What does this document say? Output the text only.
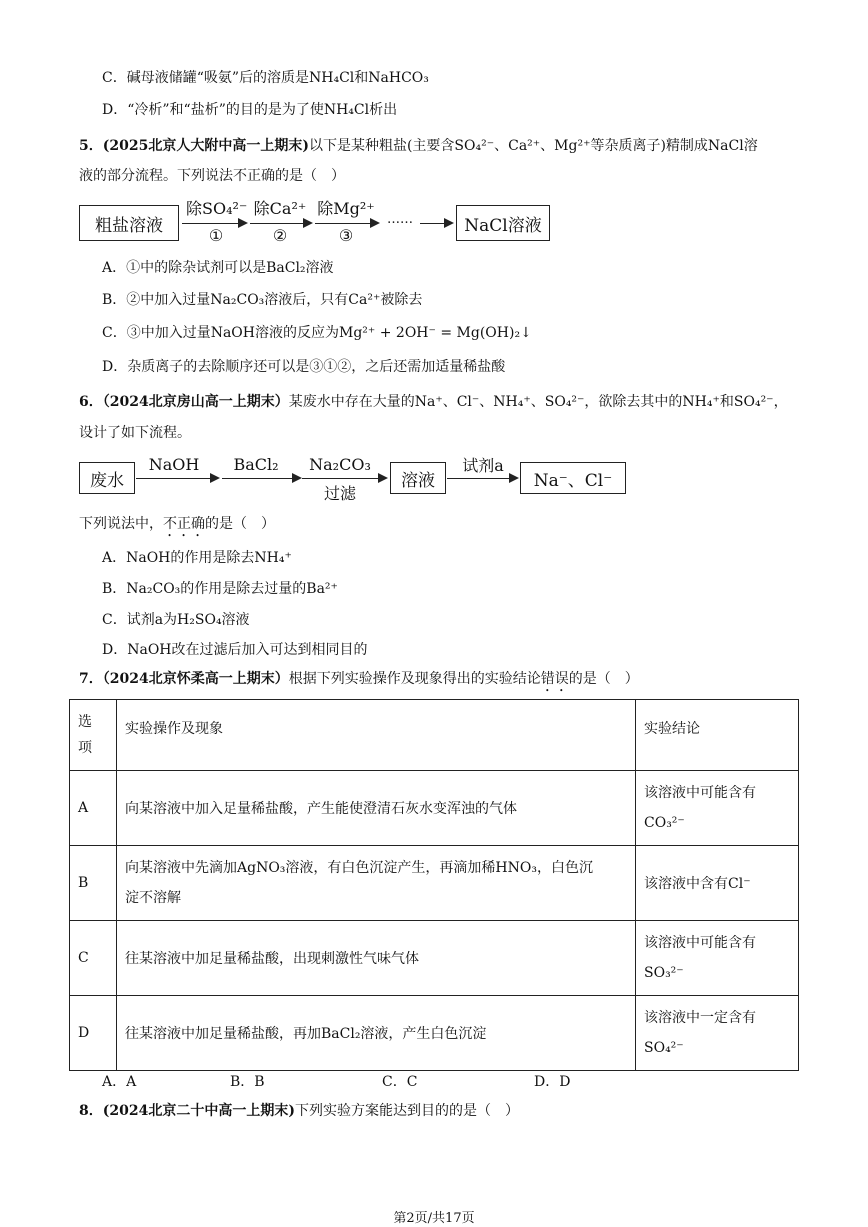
C．碱母液储罐“吸氨”后的溶质是NH₄Cl和NaHCO₃
D．“冷析”和“盐析”的目的是为了使NH₄Cl析出
5．(2025北京人大附中高一上期末)以下是某种粗盐(主要含SO₄²⁻、Ca²⁺、Mg²⁺等杂质离子)精制成NaCl溶
液的部分流程。下列说法不正确的是（　）
粗盐溶液
除SO₄²⁻
①
除Ca²⁺
②
除Mg²⁺
③
……	NaCl溶液
A．①中的除杂试剂可以是BaCl₂溶液
B．②中加入过量Na₂CO₃溶液后，只有Ca²⁺被除去
C．③中加入过量NaOH溶液的反应为Mg²⁺ + 2OH⁻ = Mg(OH)₂↓
D．杂质离子的去除顺序还可以是③①②，之后还需加适量稀盐酸
6．（2024北京房山高一上期末）某废水中存在大量的Na⁺、Cl⁻、NH₄⁺、SO₄²⁻，欲除去其中的NH₄⁺和SO₄²⁻，
设计了如下流程。
废水
NaOH	BaCl₂	Na₂CO₃
过滤
溶液
试剂a
Na⁻、Cl⁻
下列说法中，不正确的是（　）
A．NaOH的作用是除去NH₄⁺
B．Na₂CO₃的作用是除去过量的Ba²⁺
C．试剂a为H₂SO₄溶液
D．NaOH改在过滤后加入可达到相同目的
7．（2024北京怀柔高一上期末）根据下列实验操作及现象得出的实验结论错误的是（　）
选
项	实验操作及现象	实验结论
A	向某溶液中加入足量稀盐酸，产生能使澄清石灰水变浑浊的气体	该溶液中可能含有
CO₃²⁻
B	向某溶液中先滴加AgNO₃溶液，有白色沉淀产生，再滴加稀HNO₃，白色沉
淀不溶解	该溶液中含有Cl⁻
C	往某溶液中加足量稀盐酸，出现刺激性气味气体	该溶液中可能含有
SO₃²⁻
D	往某溶液中加足量稀盐酸，再加BaCl₂溶液，产生白色沉淀	该溶液中一定含有
SO₄²⁻
A．A	B．B	C．C	D．D
8．(2024北京二十中高一上期末)下列实验方案能达到目的的是（　）
第2页/共17页
